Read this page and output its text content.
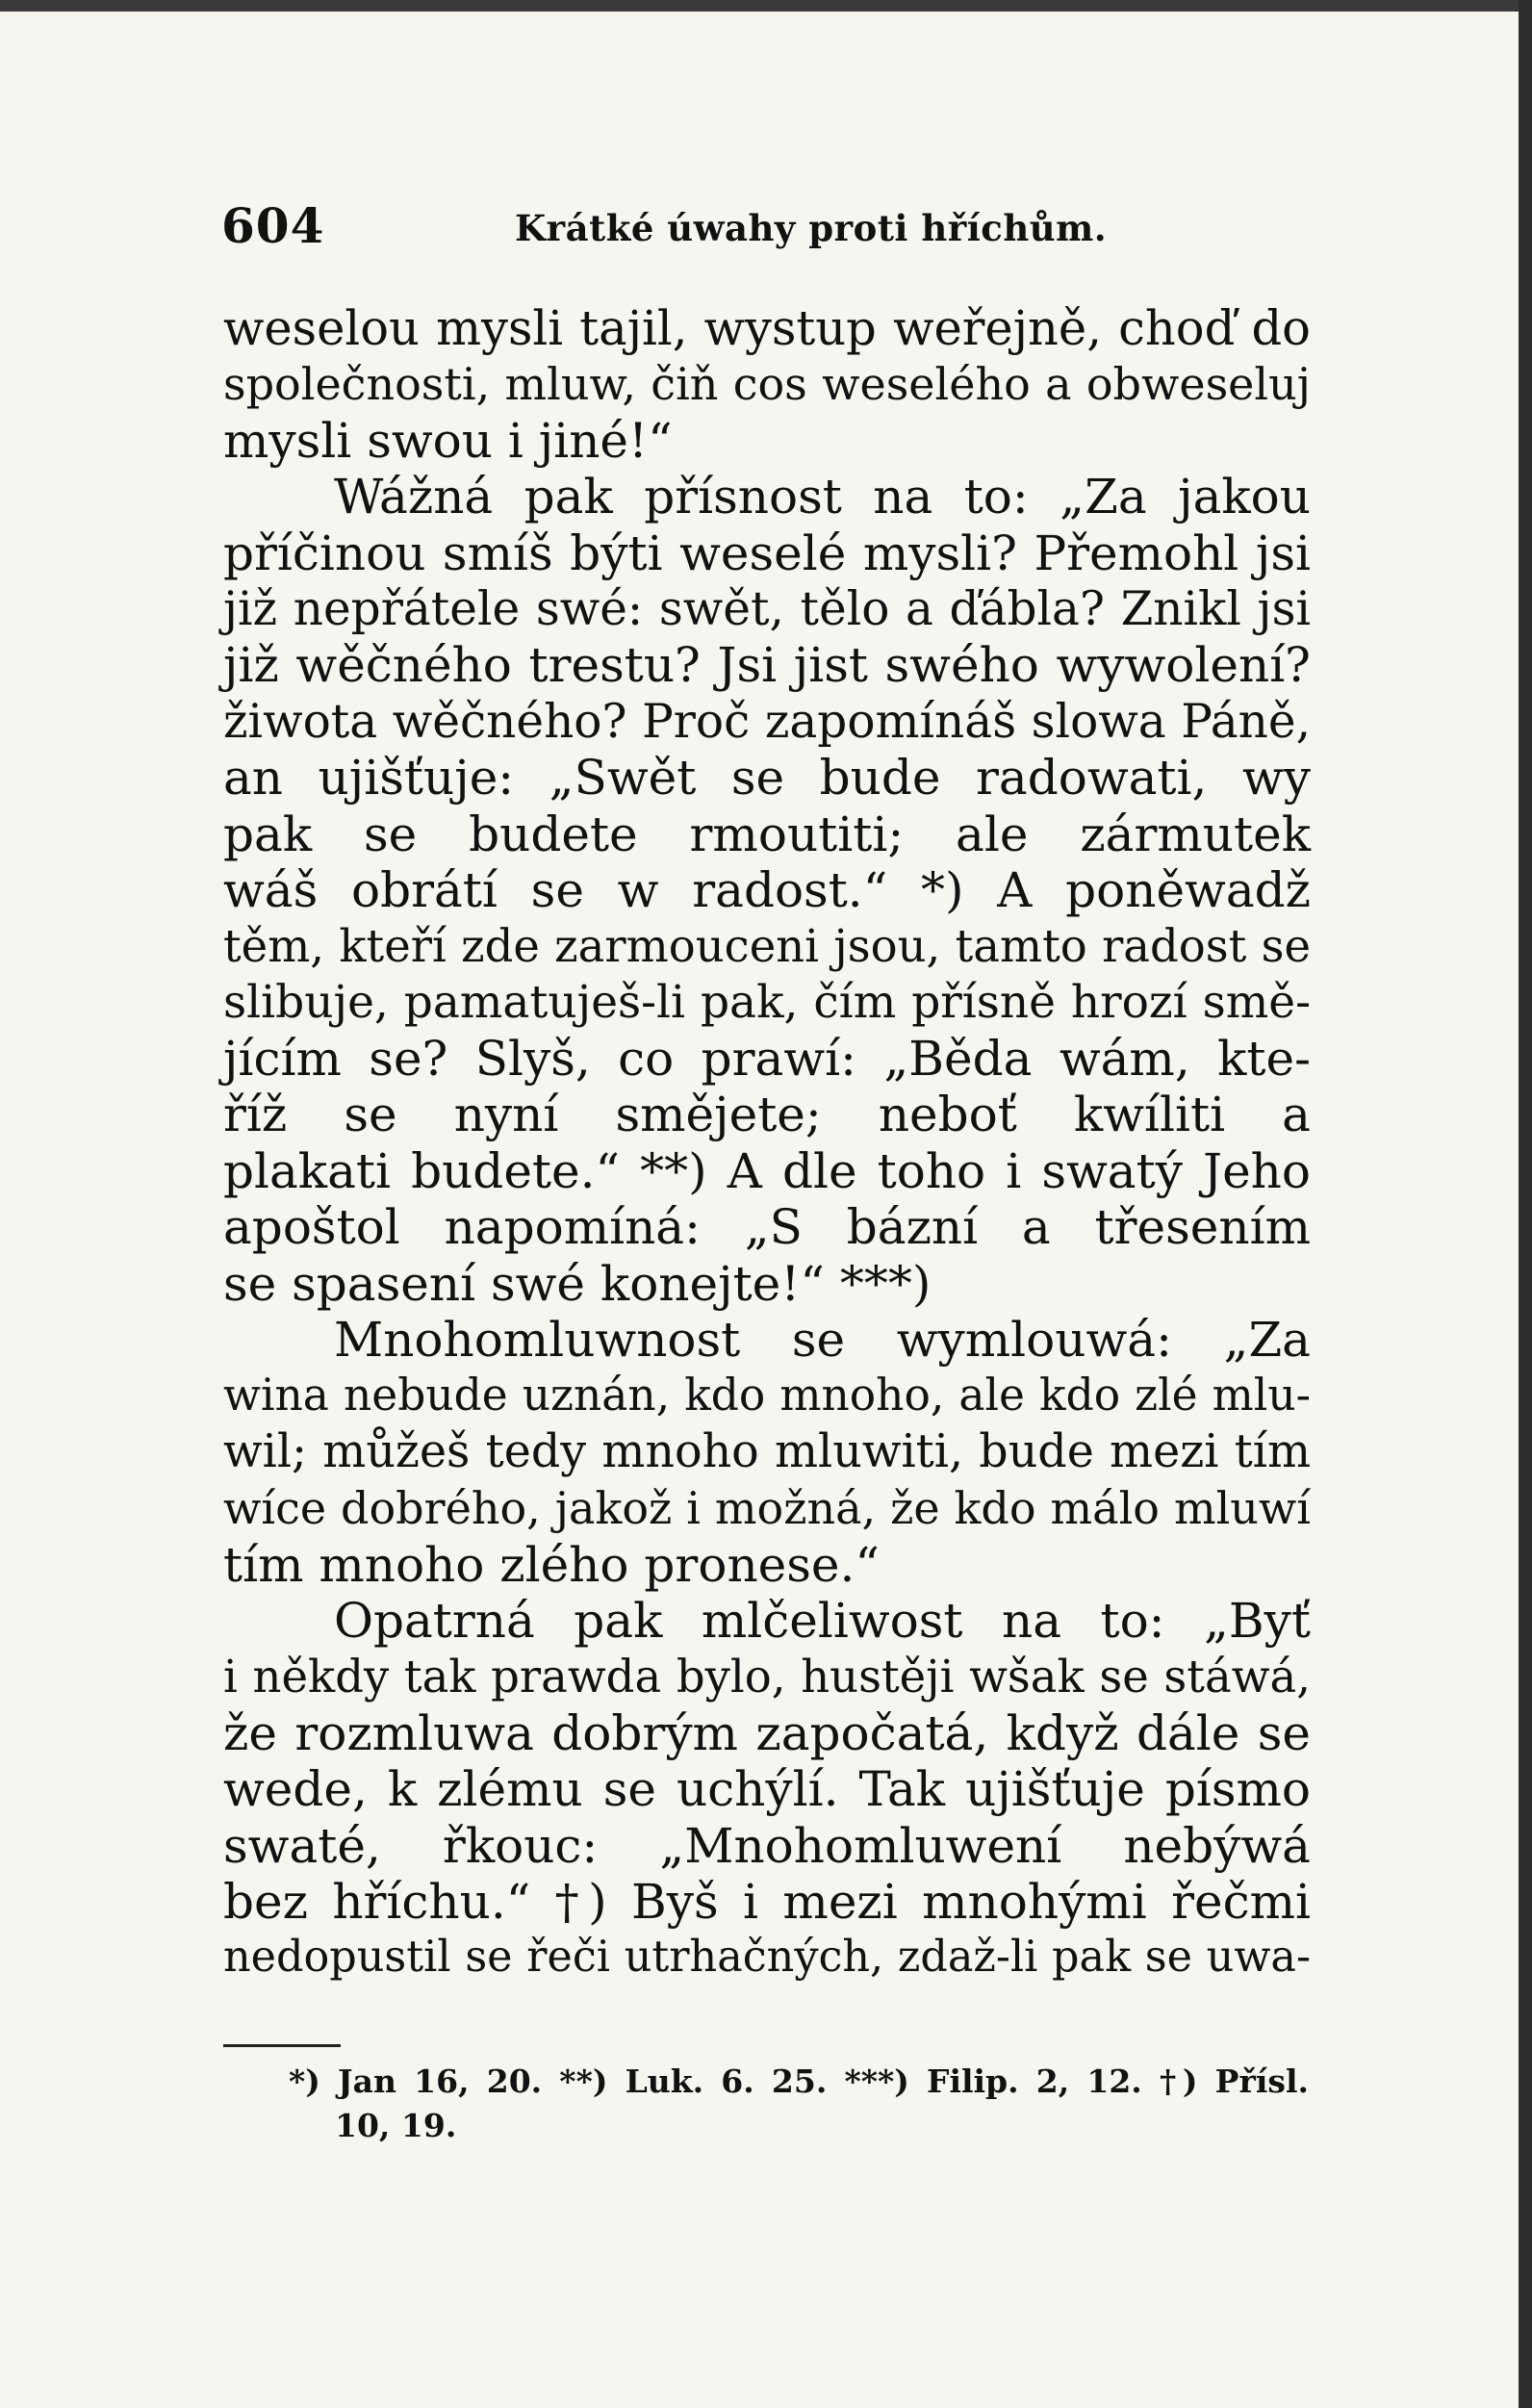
604	Krátké úwahy proti hříchům.
weselou mysli tajil, wystup weřejně, choď do
společnosti, mluw, čiň cos weselého a obweseluj
mysli swou i jiné!“
Wážná pak přísnost na to: „Za jakou
příčinou smíš býti weselé mysli? Přemohl jsi
již nepřátele swé: swět, tělo a ďábla? Znikl jsi
již wěčného trestu? Jsi jist swého wywolení?
žiwota wěčného? Proč zapomínáš slowa Páně,
an ujišťuje: „Swět se bude radowati, wy
pak se budete rmoutiti; ale zármutek
wáš obrátí se w radost.“ *) A poněwadž
těm, kteří zde zarmouceni jsou, tamto radost se
slibuje, pamatuješ-li pak, čím přísně hrozí smě-
jícím se? Slyš, co prawí: „Běda wám, kte-
říž se nyní smějete; neboť kwíliti a
plakati budete.“ **) A dle toho i swatý Jeho
apoštol napomíná: „S bázní a třesením
se spasení swé konejte!“ ***)
Mnohomluwnost se wymlouwá: „Za
wina nebude uznán, kdo mnoho, ale kdo zlé mlu-
wil; můžeš tedy mnoho mluwiti, bude mezi tím
wíce dobrého, jakož i možná, že kdo málo mluwí
tím mnoho zlého pronese.“
Opatrná pak mlčeliwost na to: „Byť
i někdy tak prawda bylo, hustěji wšak se stáwá,
že rozmluwa dobrým započatá, když dále se
wede, k zlému se uchýlí. Tak ujišťuje písmo
swaté, řkouc: „Mnohomluwení nebýwá
bez hříchu.“ †) Byš i mezi mnohými řečmi
nedopustil se řeči utrhačných, zdaž-li pak se uwa-
*) Jan 16, 20. **) Luk. 6. 25. ***) Filip. 2, 12. †) Přísl.
10, 19.
